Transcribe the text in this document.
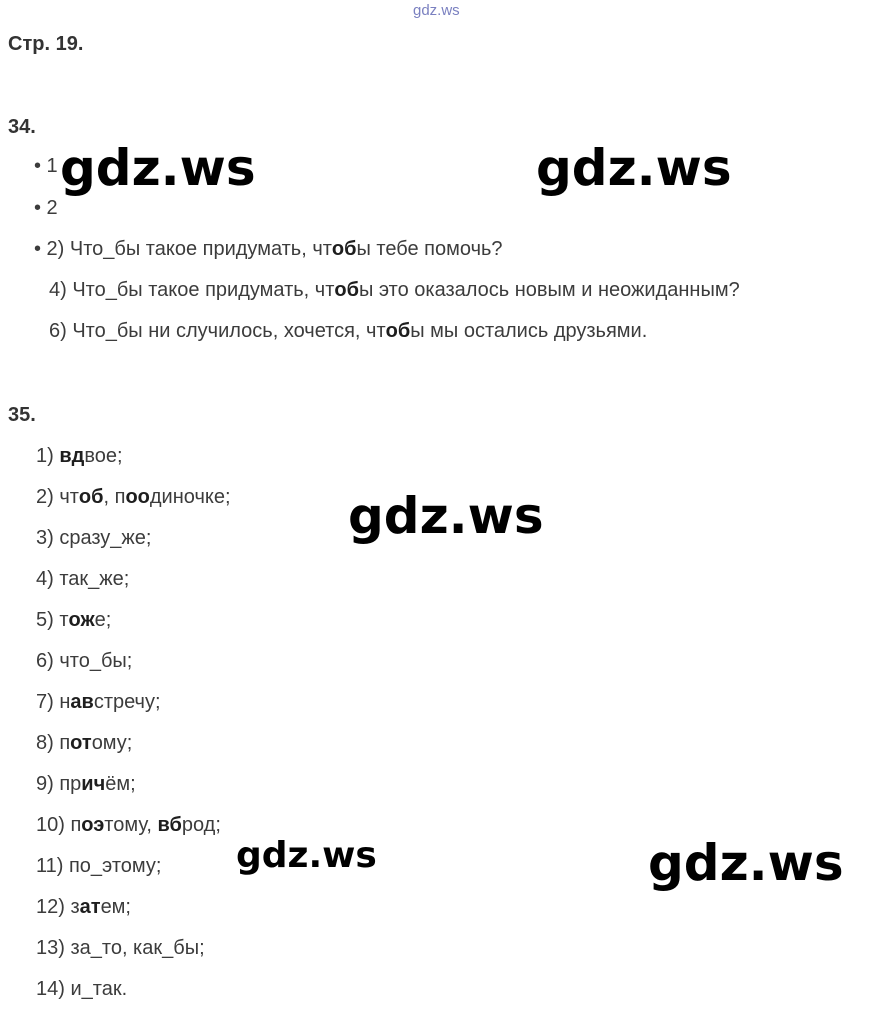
gdz.ws
Стр. 19.
34.
• 1
• 2
• 2) Что_бы такое придумать, чтобы тебе помочь?
4) Что_бы такое придумать, чтобы это оказалось новым и неожиданным?
6) Что_бы ни случилось, хочется, чтобы мы остались друзьями.
35.
1) вдвое;
2) чтоб, поодиночке;
3) сразу_же;
4) так_же;
5) тоже;
6) что_бы;
7) навстречу;
8) потому;
9) причём;
10) поэтому, вброд;
11) по_этому;
12) затем;
13) за_то, как_бы;
14) и_так.
gdz.ws	gdz.ws
gdz.ws
gdz.ws	gdz.ws
